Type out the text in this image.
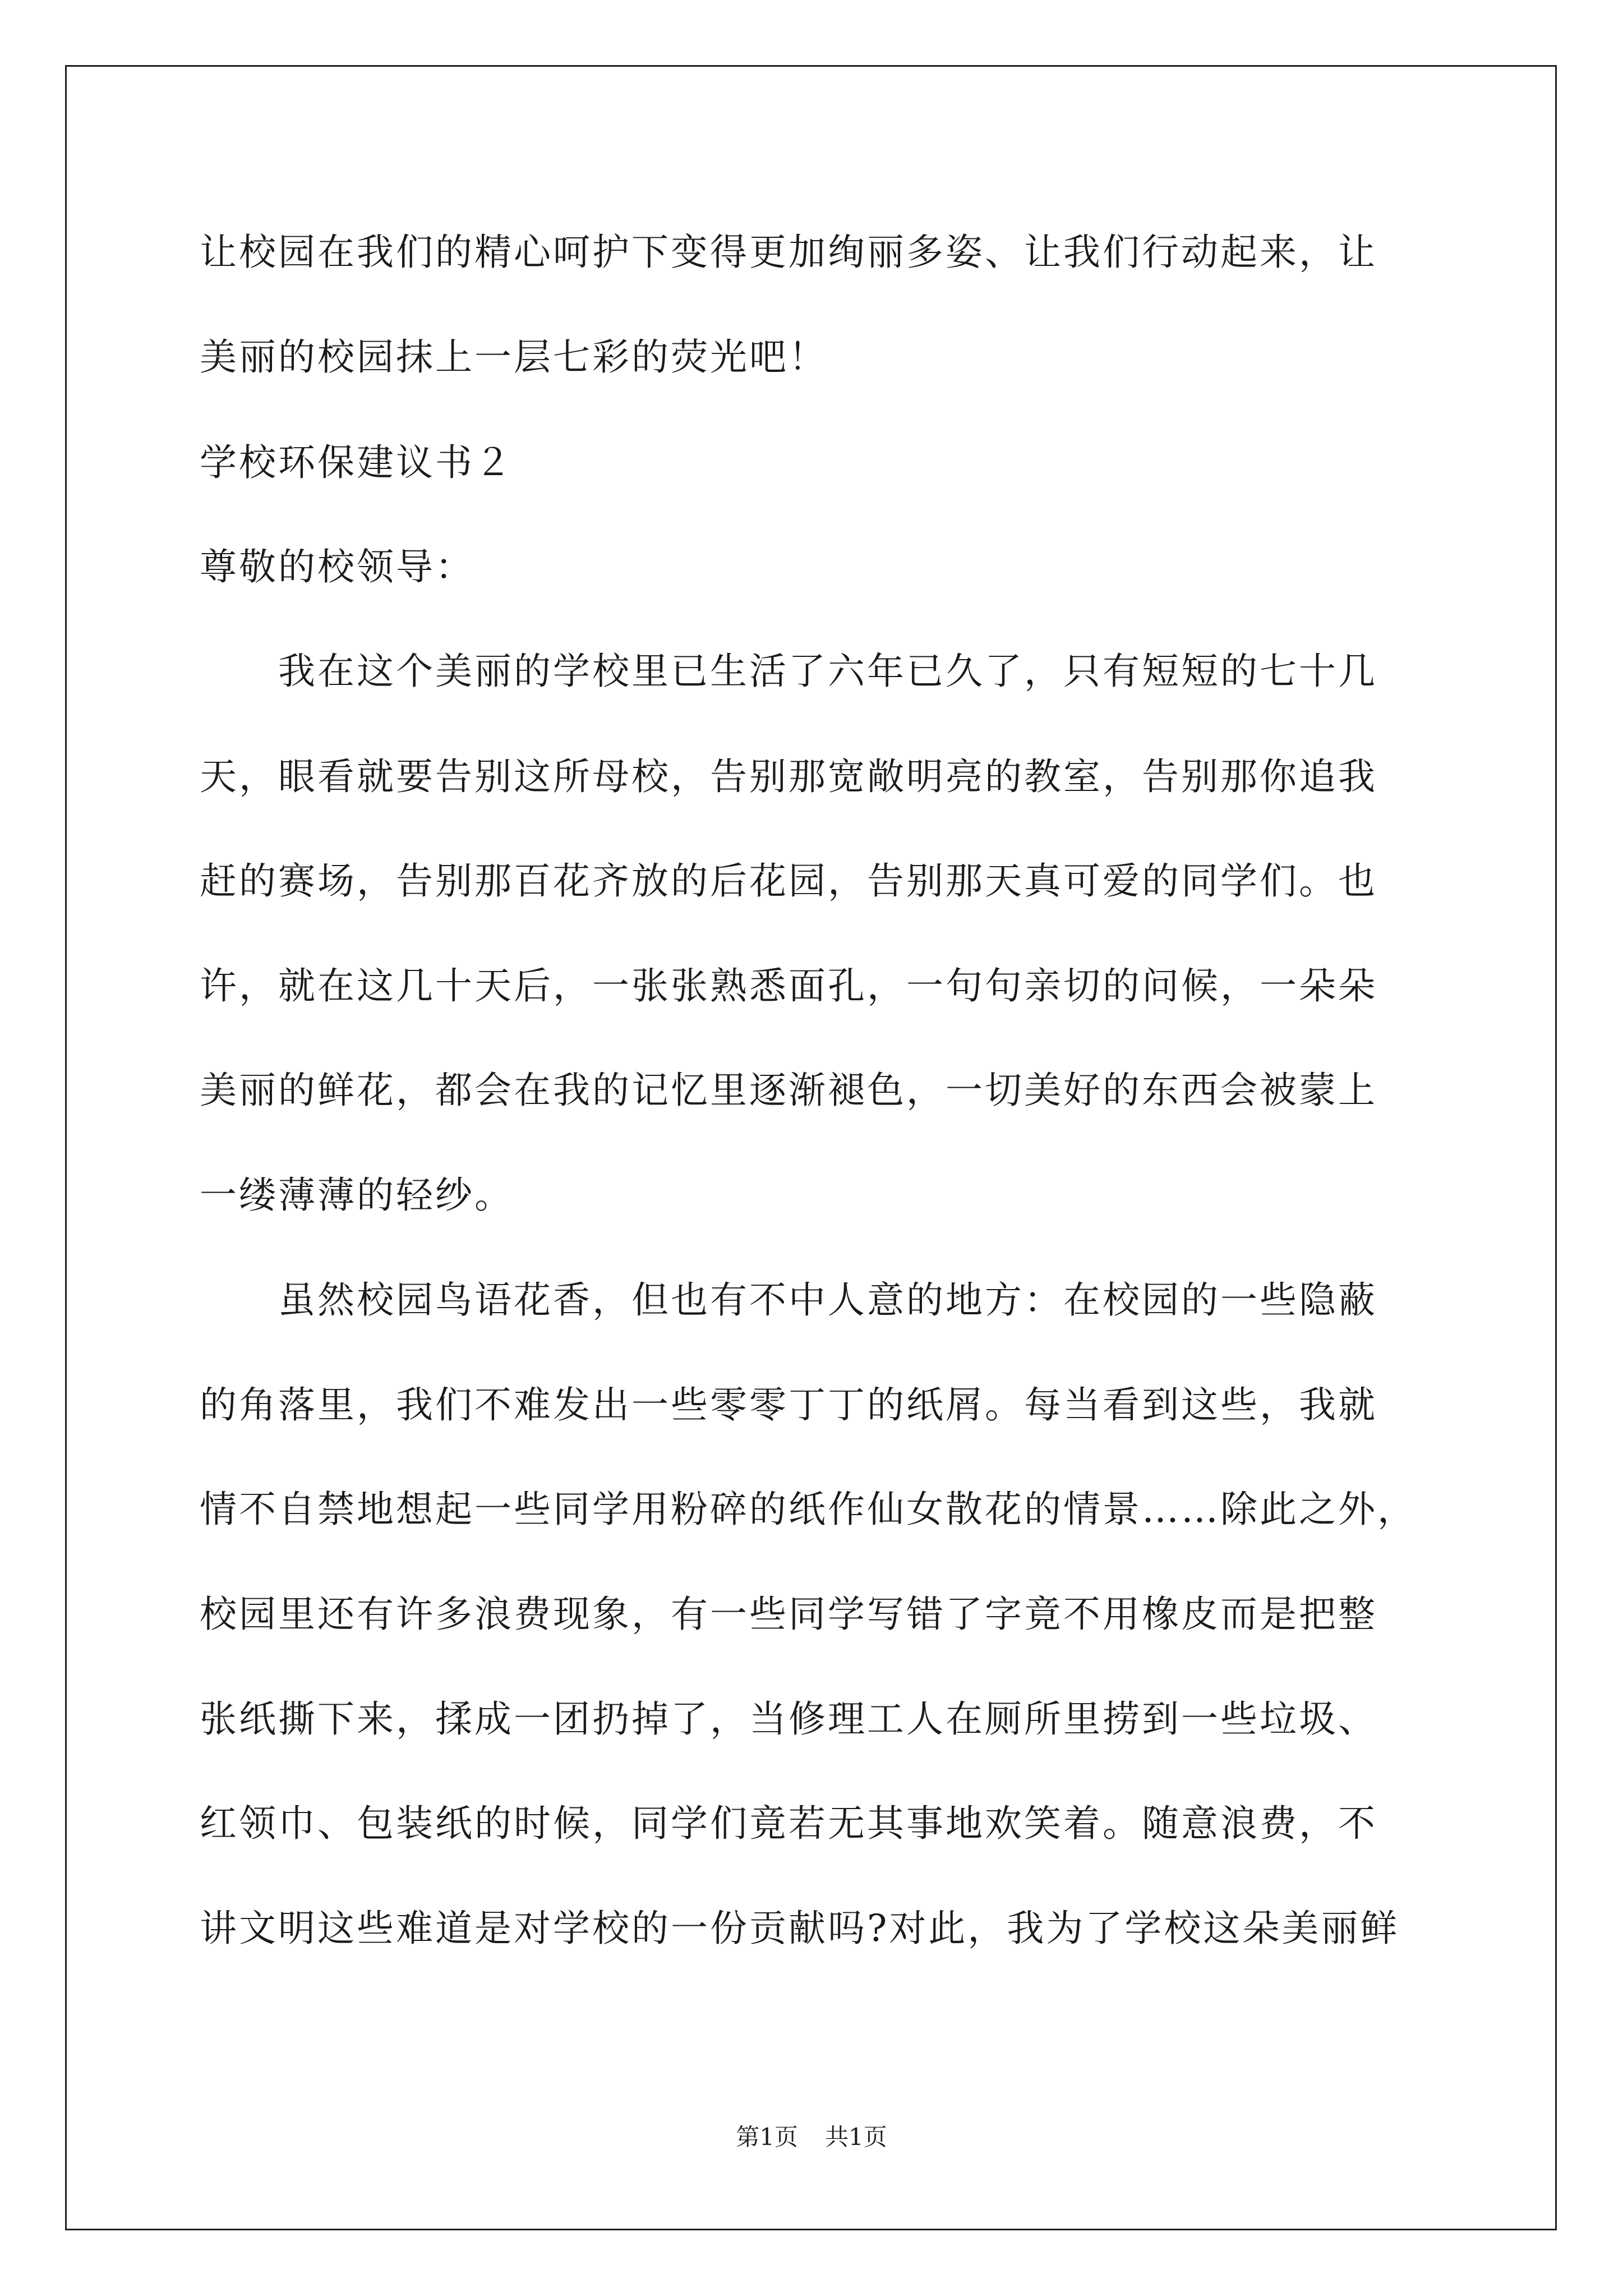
让校园在我们的精心呵护下变得更加绚丽多姿、让我们行动起来，让
美丽的校园抹上一层七彩的荧光吧！
学校环保建议书２
尊敬的校领导：
我在这个美丽的学校里已生活了六年已久了，只有短短的七十几
天，眼看就要告别这所母校，告别那宽敞明亮的教室，告别那你追我
赶的赛场，告别那百花齐放的后花园，告别那天真可爱的同学们。也
许，就在这几十天后，一张张熟悉面孔，一句句亲切的问候，一朵朵
美丽的鲜花，都会在我的记忆里逐渐褪色，一切美好的东西会被蒙上
一缕薄薄的轻纱。
虽然校园鸟语花香，但也有不中人意的地方：在校园的一些隐蔽
的角落里，我们不难发出一些零零丁丁的纸屑。每当看到这些，我就
情不自禁地想起一些同学用粉碎的纸作仙女散花的情景……除此之外，
校园里还有许多浪费现象，有一些同学写错了字竟不用橡皮而是把整
张纸撕下来，揉成一团扔掉了，当修理工人在厕所里捞到一些垃圾、
红领巾、包装纸的时候，同学们竟若无其事地欢笑着。随意浪费，不
讲文明这些难道是对学校的一份贡献吗?对此，我为了学校这朵美丽鲜
第1页 共1页
